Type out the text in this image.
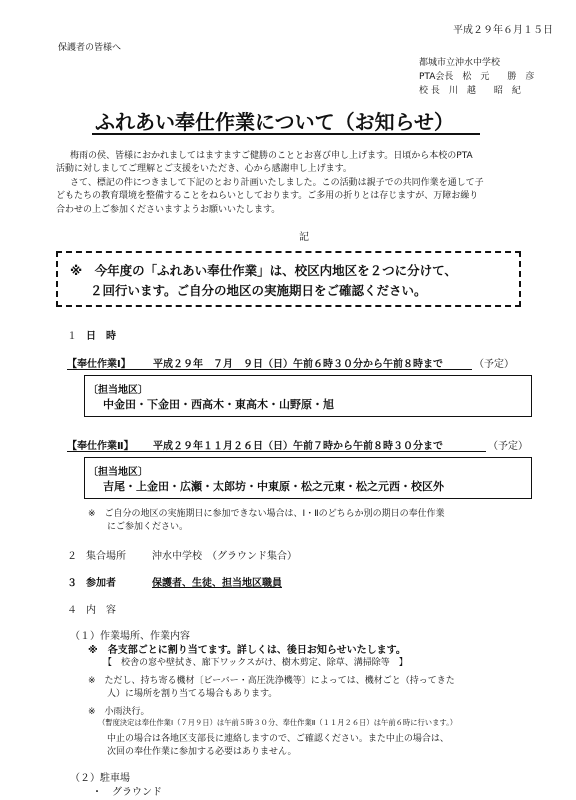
平成２９年６月１５日
保護者の皆様へ
都城市立沖水中学校
PTA会長　松　元　　勝　彦
校 長　川　越　　昭　紀
ふれあい奉仕作業について（お知らせ）
梅雨の侯、皆様におかれましてはますますご健勝のこととお喜び申し上げます。日頃から本校のPTA
活動に対しましてご理解とご支援をいただき、心から感謝申し上げます。
さて、標記の件につきまして下記のとおり計画いたしました。この活動は親子での共同作業を通して子
どもたちの教育環境を整備することをねらいとしております。ご多用の折りとは存じますが、万障お繰り
合わせの上ご参加くださいますようお願いいたします。
記
※　今年度の「ふれあい奉仕作業」は、校区内地区を２つに分けて、
２回行います。ご自分の地区の実施期日をご確認ください。
１ 日　時
【奉仕作業Ⅰ】 平成２９年　７月　９日（日）午前６時３０分から午前８時まで	（予定）
〔担当地区〕
中金田・下金田・西高木・東高木・山野原・旭
【奉仕作業Ⅱ】 平成２９年１１月２６日（日）午前７時から午前８時３０分まで	（予定）
〔担当地区〕
吉尾・上金田・広瀬・太郎坊・中東原・松之元東・松之元西・校区外
※　ご自分の地区の実施期日に参加できない場合は、Ⅰ・Ⅱのどちらか別の期日の奉仕作業
にご参加ください。
２ 集合場所	沖水中学校　（グラウンド集合）
３ 参加者	保護者、生徒、担当地区職員
４ 内　容
（１）作業場所、作業内容
※　各支部ごとに割り当てます。詳しくは、後日お知らせいたします。
【　校舎の窓や壁拭き、廊下ワックスがけ、樹木剪定、除草、溝掃除等　】
※　ただし、持ち寄る機材〔ビーバー・高圧洗浄機等〕によっては、機材ごと（持ってきた
人）に場所を割り当てる場合もあります。
※　小雨決行。
（暫度決定は奉仕作業Ⅰ（７月９日）は午前５時３０分、奉仕作業Ⅱ（１１月２６日）は午前６時に行います。）
中止の場合は各地区支部長に連絡しますので、ご確認ください。また中止の場合は、
次回の奉仕作業に参加する必要はありません。
（２）駐車場
・　グラウンド
